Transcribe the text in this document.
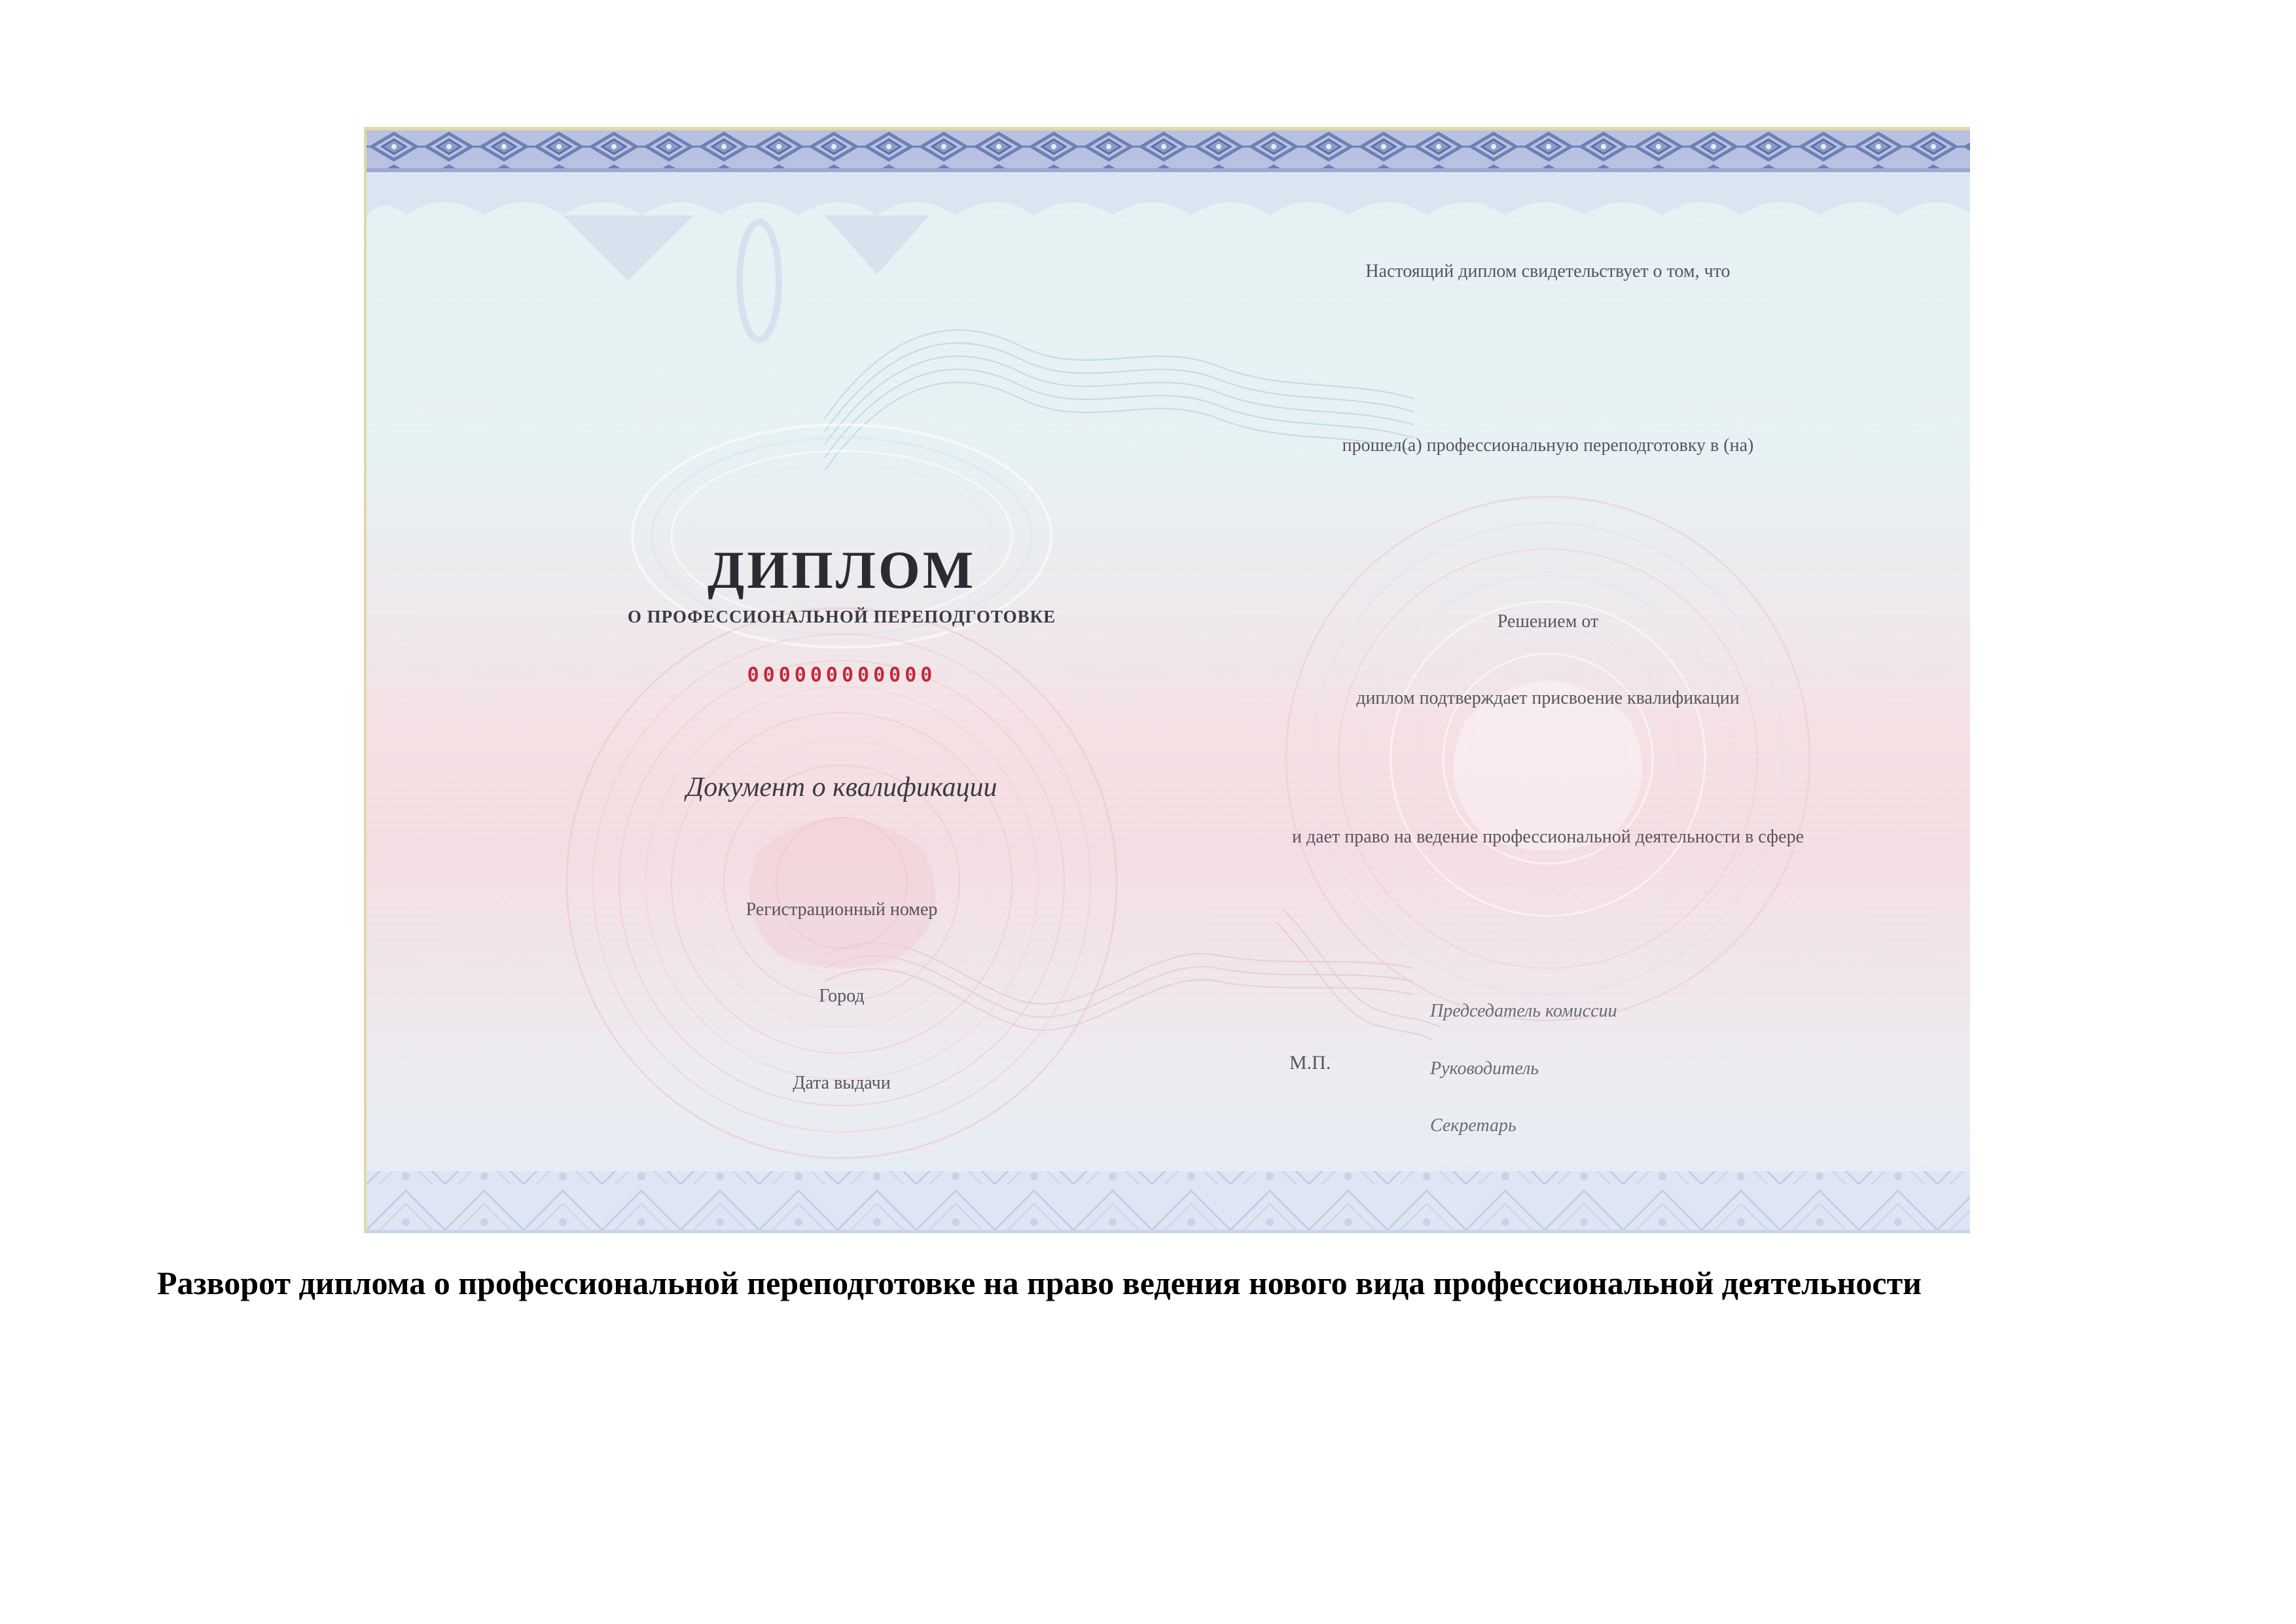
ДИПЛОМ
О ПРОФЕССИОНАЛЬНОЙ ПЕРЕПОДГОТОВКЕ
000000000000
Документ о квалификации
Регистрационный номер
Город
Дата выдачи
Настоящий диплом свидетельствует о том, что
прошел(а) профессиональную переподготовку в (на)
Решением от
диплом подтверждает присвоение квалификации
и дает право на ведение профессиональной деятельности в сфере
М.П.
Председатель комиссии
Руководитель
Секретарь
Разворот диплома о профессиональной переподготовке на право ведения нового вида профессиональной деятельности
